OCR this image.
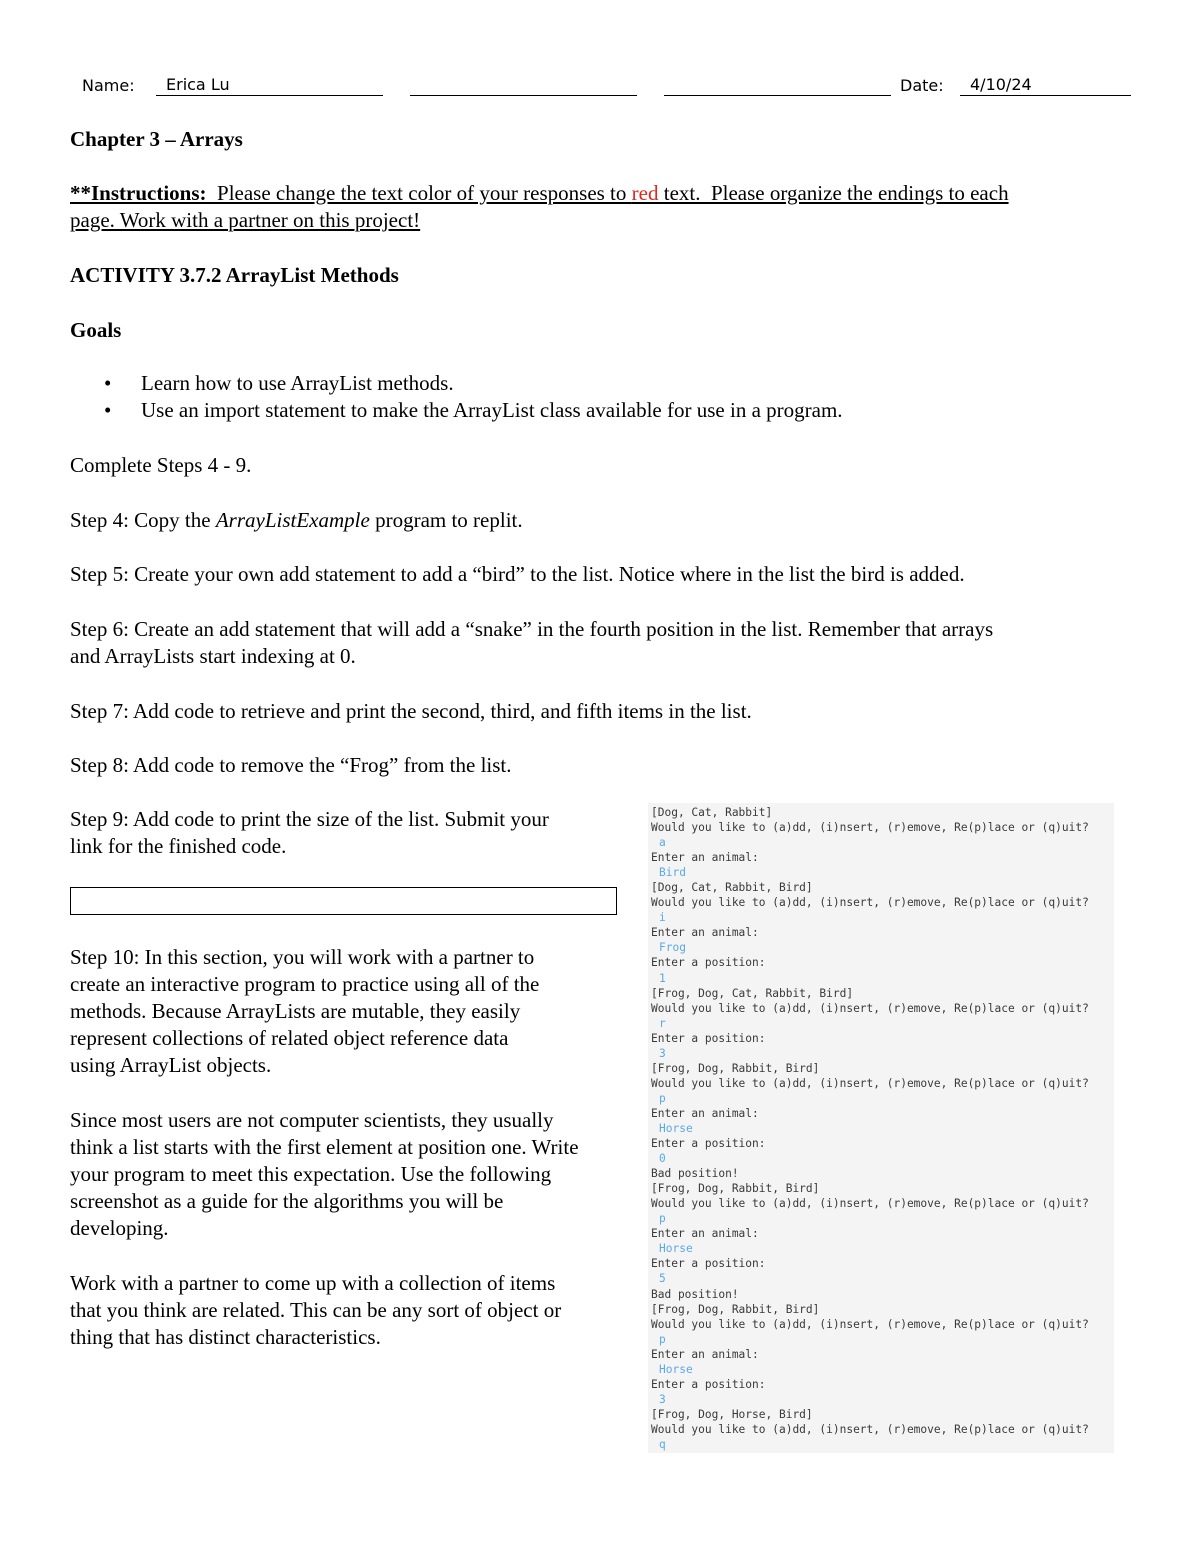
Name:	Erica Lu	Date:	4/10/24
Chapter 3 – Arrays
**Instructions:  Please change the text color of your responses to red text.  Please organize the endings to each
page. Work with a partner on this project!
ACTIVITY 3.7.2 ArrayList Methods
Goals
• Learn how to use ArrayList methods.
• Use an import statement to make the ArrayList class available for use in a program.
Complete Steps 4 - 9.
Step 4: Copy the ArrayListExample program to replit.
Step 5: Create your own add statement to add a “bird” to the list. Notice where in the list the bird is added.
Step 6: Create an add statement that will add a “snake” in the fourth position in the list. Remember that arrays
and ArrayLists start indexing at 0.
Step 7: Add code to retrieve and print the second, third, and fifth items in the list.
Step 8: Add code to remove the “Frog” from the list.
Step 9: Add code to print the size of the list. Submit your
link for the finished code.
Step 10: In this section, you will work with a partner to
create an interactive program to practice using all of the
methods. Because ArrayLists are mutable, they easily
represent collections of related object reference data
using ArrayList objects.
Since most users are not computer scientists, they usually
think a list starts with the first element at position one. Write
your program to meet this expectation. Use the following
screenshot as a guide for the algorithms you will be
developing.
Work with a partner to come up with a collection of items
that you think are related. This can be any sort of object or
thing that has distinct characteristics.
[Dog, Cat, Rabbit]
Would you like to (a)dd, (i)nsert, (r)emove, Re(p)lace or (q)uit?
a
Enter an animal:
Bird
[Dog, Cat, Rabbit, Bird]
Would you like to (a)dd, (i)nsert, (r)emove, Re(p)lace or (q)uit?
i
Enter an animal:
Frog
Enter a position:
1
[Frog, Dog, Cat, Rabbit, Bird]
Would you like to (a)dd, (i)nsert, (r)emove, Re(p)lace or (q)uit?
r
Enter a position:
3
[Frog, Dog, Rabbit, Bird]
Would you like to (a)dd, (i)nsert, (r)emove, Re(p)lace or (q)uit?
p
Enter an animal:
Horse
Enter a position:
0
Bad position!
[Frog, Dog, Rabbit, Bird]
Would you like to (a)dd, (i)nsert, (r)emove, Re(p)lace or (q)uit?
p
Enter an animal:
Horse
Enter a position:
5
Bad position!
[Frog, Dog, Rabbit, Bird]
Would you like to (a)dd, (i)nsert, (r)emove, Re(p)lace or (q)uit?
p
Enter an animal:
Horse
Enter a position:
3
[Frog, Dog, Horse, Bird]
Would you like to (a)dd, (i)nsert, (r)emove, Re(p)lace or (q)uit?
q
